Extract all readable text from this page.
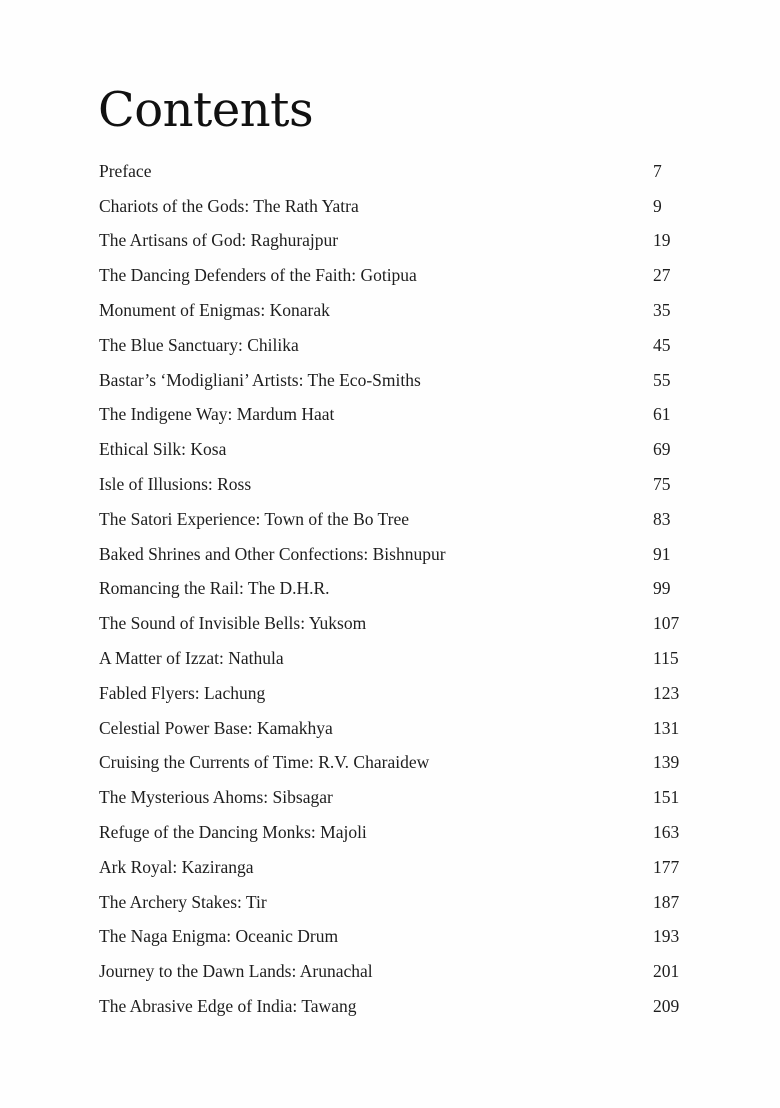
Contents
Preface	7
Chariots of the Gods: The Rath Yatra	9
The Artisans of God: Raghurajpur	19
The Dancing Defenders of the Faith: Gotipua	27
Monument of Enigmas: Konarak	35
The Blue Sanctuary: Chilika	45
Bastar’s ‘Modigliani’ Artists: The Eco-Smiths	55
The Indigene Way: Mardum Haat	61
Ethical Silk: Kosa	69
Isle of Illusions: Ross	75
The Satori Experience: Town of the Bo Tree	83
Baked Shrines and Other Confections: Bishnupur	91
Romancing the Rail: The D.H.R.	99
The Sound of Invisible Bells: Yuksom	107
A Matter of Izzat: Nathula	115
Fabled Flyers: Lachung	123
Celestial Power Base: Kamakhya	131
Cruising the Currents of Time: R.V. Charaidew	139
The Mysterious Ahoms: Sibsagar	151
Refuge of the Dancing Monks: Majoli	163
Ark Royal: Kaziranga	177
The Archery Stakes: Tir	187
The Naga Enigma: Oceanic Drum	193
Journey to the Dawn Lands: Arunachal	201
The Abrasive Edge of India: Tawang	209
